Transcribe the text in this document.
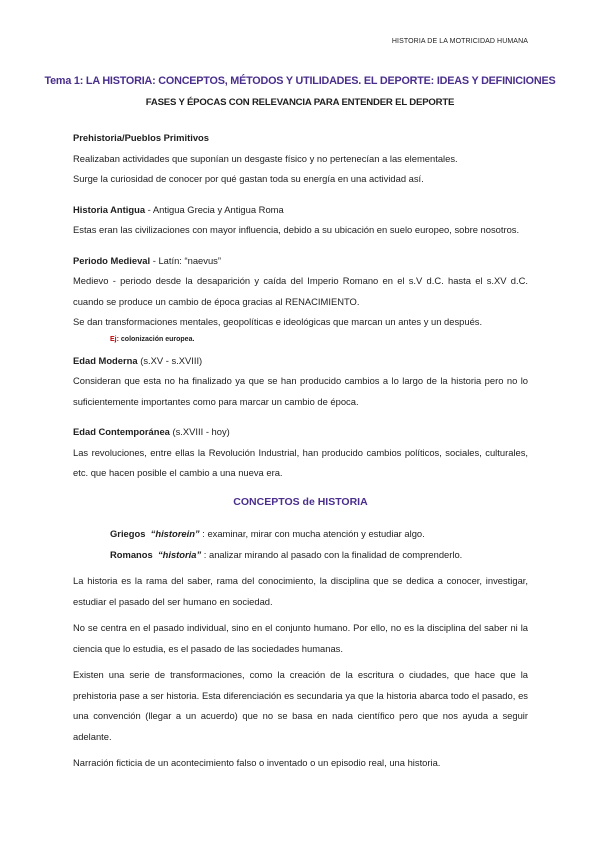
HISTORIA DE LA MOTRICIDAD HUMANA
Tema 1: LA HISTORIA: CONCEPTOS, MÉTODOS Y UTILIDADES. EL DEPORTE: IDEAS Y DEFINICIONES
FASES Y ÉPOCAS CON RELEVANCIA PARA ENTENDER EL DEPORTE

Prehistoria/Pueblos Primitivos

Realizaban actividades que suponían un desgaste físico y no pertenecían a las elementales.

Surge la curiosidad de conocer por qué gastan toda su energía en una actividad así.

Historia Antigua - Antigua Grecia y Antigua Roma

Estas eran las civilizaciones con mayor influencia, debido a su ubicación en suelo europeo, sobre nosotros.

Periodo Medieval - Latín: “naevus”

Medievo - periodo desde la desaparición y caída del Imperio Romano en el s.V d.C. hasta el s.XV d.C. cuando se produce un cambio de época gracias al RENACIMIENTO.

Se dan transformaciones mentales, geopolíticas e ideológicas que marcan un antes y un después.

Ej: colonización europea.

Edad Moderna (s.XV - s.XVIII)

Consideran que esta no ha finalizado ya que se han producido cambios a lo largo de la historia pero no lo suficientemente importantes como para marcar un cambio de época.

Edad Contemporánea (s.XVIII - hoy)

Las revoluciones, entre ellas la Revolución Industrial, han producido cambios políticos, sociales, culturales, etc. que hacen posible el cambio a una nueva era.

CONCEPTOS de HISTORIA

Griegos “historein” : examinar, mirar con mucha atención y estudiar algo.

Romanos “historia” : analizar mirando al pasado con la finalidad de comprenderlo.

La historia es la rama del saber, rama del conocimiento, la disciplina que se dedica a conocer, investigar, estudiar el pasado del ser humano en sociedad.

No se centra en el pasado individual, sino en el conjunto humano. Por ello, no es la disciplina del saber ni la ciencia que lo estudia, es el pasado de las sociedades humanas.

Existen una serie de transformaciones, como la creación de la escritura o ciudades, que hace que la prehistoria pase a ser historia. Esta diferenciación es secundaria ya que la historia abarca todo el pasado, es una convención (llegar a un acuerdo) que no se basa en nada científico pero que nos ayuda a seguir adelante.

Narración ficticia de un acontecimiento falso o inventado o un episodio real, una historia.
